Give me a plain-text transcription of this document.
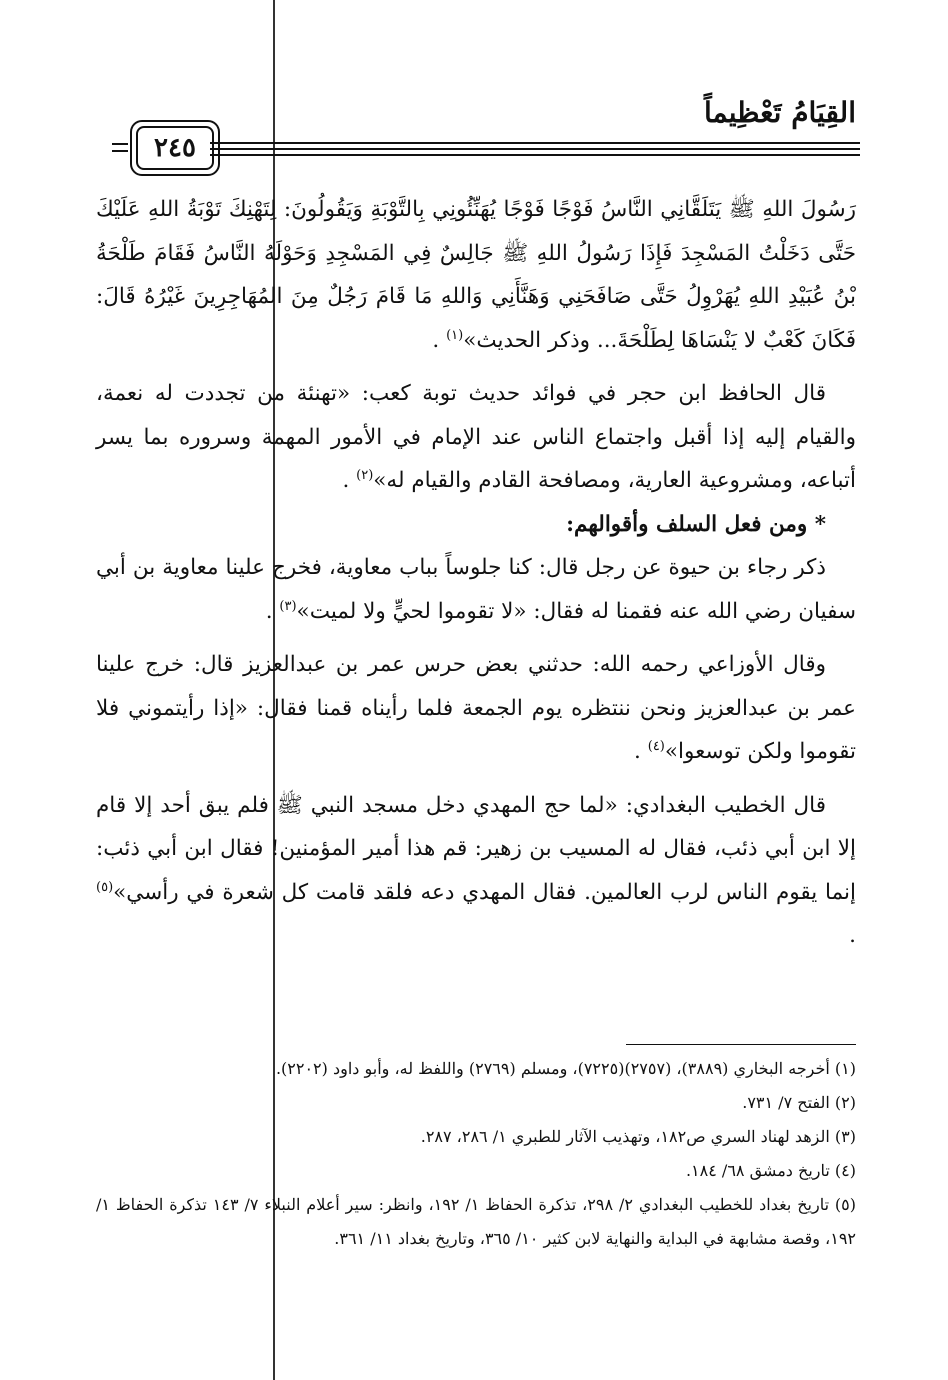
القِيَامُ تَعْظِيماً
٢٤٥

رَسُولَ اللهِ ﷺ يَتَلَقَّانِي النَّاسُ فَوْجًا فَوْجًا يُهَنِّئُونِي بِالتَّوْبَةِ وَيَقُولُونَ: لِتَهْنِكَ تَوْبَةُ اللهِ عَلَيْكَ حَتَّى دَخَلْتُ المَسْجِدَ فَإِذَا رَسُولُ اللهِ ﷺ جَالِسٌ فِي المَسْجِدِ وَحَوْلَهُ النَّاسُ فَقَامَ طَلْحَةُ بْنُ عُبَيْدِ اللهِ يُهَرْوِلُ حَتَّى صَافَحَنِي وَهَنَّأَنِي وَاللهِ مَا قَامَ رَجُلٌ مِنَ المُهَاجِرِينَ غَيْرُهُ قَالَ: فَكَانَ كَعْبٌ لا يَنْسَاهَا لِطَلْحَةَ... وذكر الحديث»$^{(١)}$ .

قال الحافظ ابن حجر في فوائد حديث توبة كعب: «تهنئة من تجددت له نعمة، والقيام إليه إذا أقبل واجتماع الناس عند الإمام في الأمور المهمة وسروره بما يسر أتباعه، ومشروعية العارية، ومصافحة القادم والقيام له»$^{(٢)}$ .

* ومن فعل السلف وأقوالهم:

ذكر رجاء بن حيوة عن رجل قال: كنا جلوساً بباب معاوية، فخرج علينا معاوية بن أبي سفيان رضي الله عنه فقمنا له فقال: «لا تقوموا لحيٍّ ولا لميت»$^{(٣)}$ .

وقال الأوزاعي رحمه الله: حدثني بعض حرس عمر بن عبدالعزيز قال: خرج علينا عمر بن عبدالعزيز ونحن ننتظره يوم الجمعة فلما رأيناه قمنا فقال: «إذا رأيتموني فلا تقوموا ولكن توسعوا»$^{(٤)}$ .

قال الخطيب البغدادي: «لما حج المهدي دخل مسجد النبي ﷺ فلم يبق أحد إلا قام إلا ابن أبي ذئب، فقال له المسيب بن زهير: قم هذا أمير المؤمنين! فقال ابن أبي ذئب: إنما يقوم الناس لرب العالمين. فقال المهدي دعه فلقد قامت كل شعرة في رأسي»$^{(٥)}$ .

(١) أخرجه البخاري (٣٨٨٩)، (٢٧٥٧)(٧٢٢٥)، ومسلم (٢٧٦٩) واللفظ له، وأبو داود (٢٢٠٢).

(٢) الفتح ٧/ ٧٣١.

(٣) الزهد لهناد السري ص١٨٢، وتهذيب الآثار للطبري ١/ ٢٨٦، ٢٨٧.

(٤) تاريخ دمشق ٦٨/ ١٨٤.

(٥) تاريخ بغداد للخطيب البغدادي ٢/ ٢٩٨، تذكرة الحفاظ ١/ ١٩٢، وانظر: سير أعلام النبلاء ٧/ ١٤٣ تذكرة الحفاظ ١/ ١٩٢، وقصة مشابهة في البداية والنهاية لابن كثير ١٠/ ٣٦٥، وتاريخ بغداد ١١/ ٣٦١.
